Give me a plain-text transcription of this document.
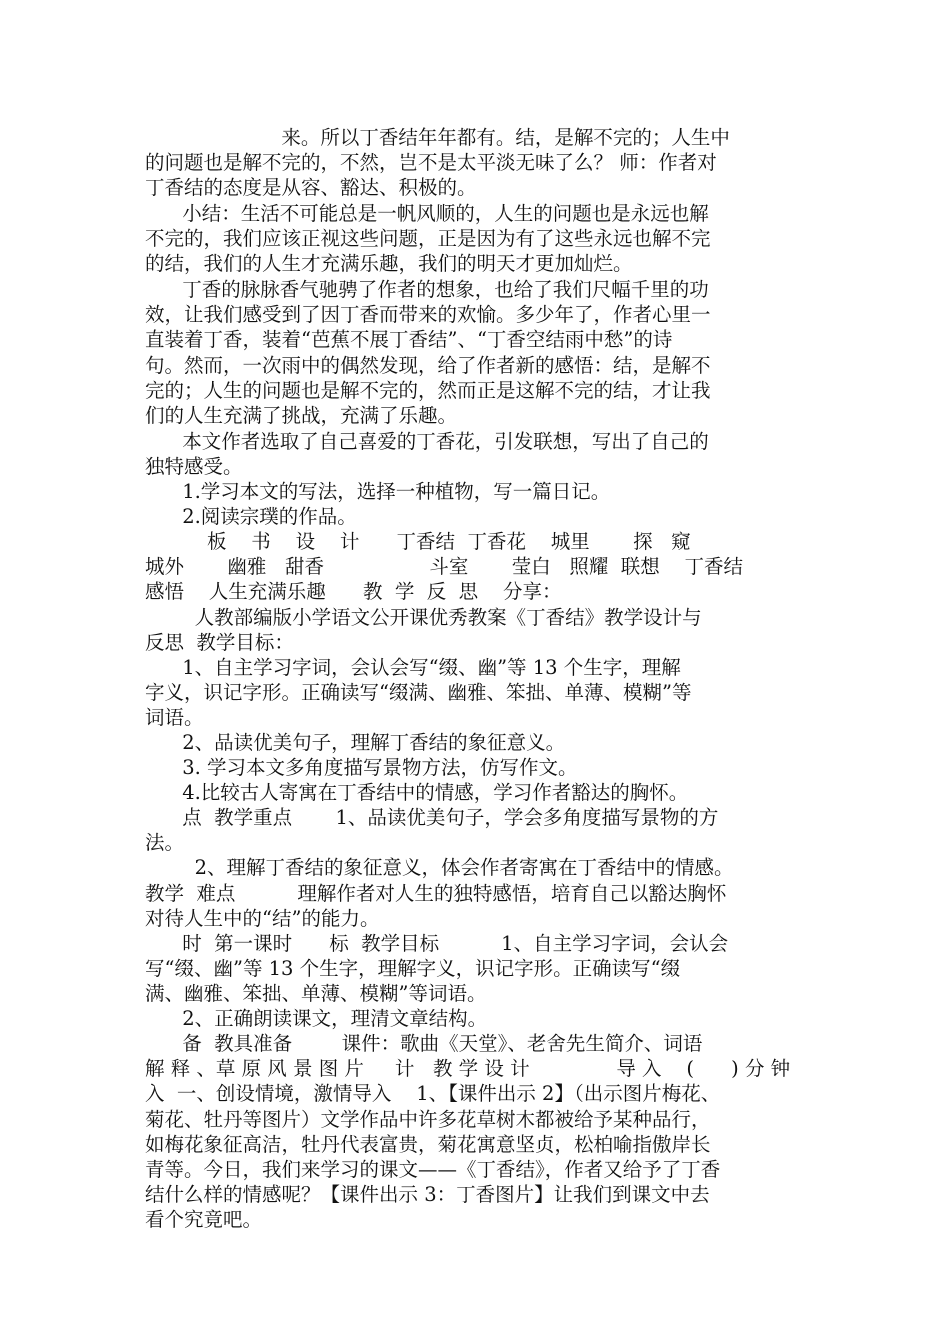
来。所以丁香结年年都有。结，是解不完的；人生中

的问题也是解不完的，不然，岂不是太平淡无味了么？ 师：作者对

丁香结的态度是从容、豁达、积极的。

小结：生活不可能总是一帆风顺的，人生的问题也是永远也解

不完的，我们应该正视这些问题，正是因为有了这些永远也解不完

的结，我们的人生才充满乐趣，我们的明天才更加灿烂。

丁香的脉脉香气驰骋了作者的想象，也给了我们尺幅千里的功

效，让我们感受到了因丁香而带来的欢愉。多少年了，作者心里一

直装着丁香，装着“芭蕉不展丁香结”、“丁香空结雨中愁”的诗

句。然而，一次雨中的偶然发现，给了作者新的感悟：结，是解不

完的；人生的问题也是解不完的，然而正是这解不完的结，才让我

们的人生充满了挑战，充满了乐趣。

本文作者选取了自己喜爱的丁香花，引发联想，写出了自己的

独特感受。

1.学习本文的写法，选择一种植物，写一篇日记。

2.阅读宗璞的作品。

板    书    设    计      丁香结  丁香花    城里       探   窥

城外       幽雅   甜香                 斗室       莹白   照耀  联想    丁香结

感悟    人生充满乐趣      教  学  反  思    分享：

人教部编版小学语文公开课优秀教案《丁香结》教学设计与

反思  教学目标：

1、自主学习字词，会认会写“缀、幽”等 13 个生字，理解

字义，识记字形。正确读写“缀满、幽雅、笨拙、单薄、模糊”等

词语。

2、品读优美句子，理解丁香结的象征意义。

3. 学习本文多角度描写景物方法，仿写作文。

4.比较古人寄寓在丁香结中的情感，学习作者豁达的胸怀。

点  教学重点       1、品读优美句子，学会多角度描写景物的方

法。

2、理解丁香结的象征意义，体会作者寄寓在丁香结中的情感。

教学  难点          理解作者对人生的独特感悟，培育自己以豁达胸怀

对待人生中的“结”的能力。

时  第一课时      标  教学目标          1、自主学习字词，会认会

写“缀、幽”等 13 个生字，理解字义，识记字形。正确读写“缀

满、幽雅、笨拙、单薄、模糊”等词语。

2、正确朗读课文，理清文章结构。

备  教具准备        课件：歌曲《天堂》、老舍先生简介、词语

解 释 、草 原 风 景 图 片     计   教 学 设 计              导 入    (      ) 分 钟

入  一、创设情境，激情导入    1、【课件出示 2】（出示图片梅花、

菊花、牡丹等图片）文学作品中许多花草树木都被给予某种品行，

如梅花象征高洁，牡丹代表富贵，菊花寓意坚贞，松柏喻指傲岸长

青等。今日，我们来学习的课文——《丁香结》，作者又给予了丁香

结什么样的情感呢？【课件出示 3：丁香图片】让我们到课文中去

看个究竟吧。
